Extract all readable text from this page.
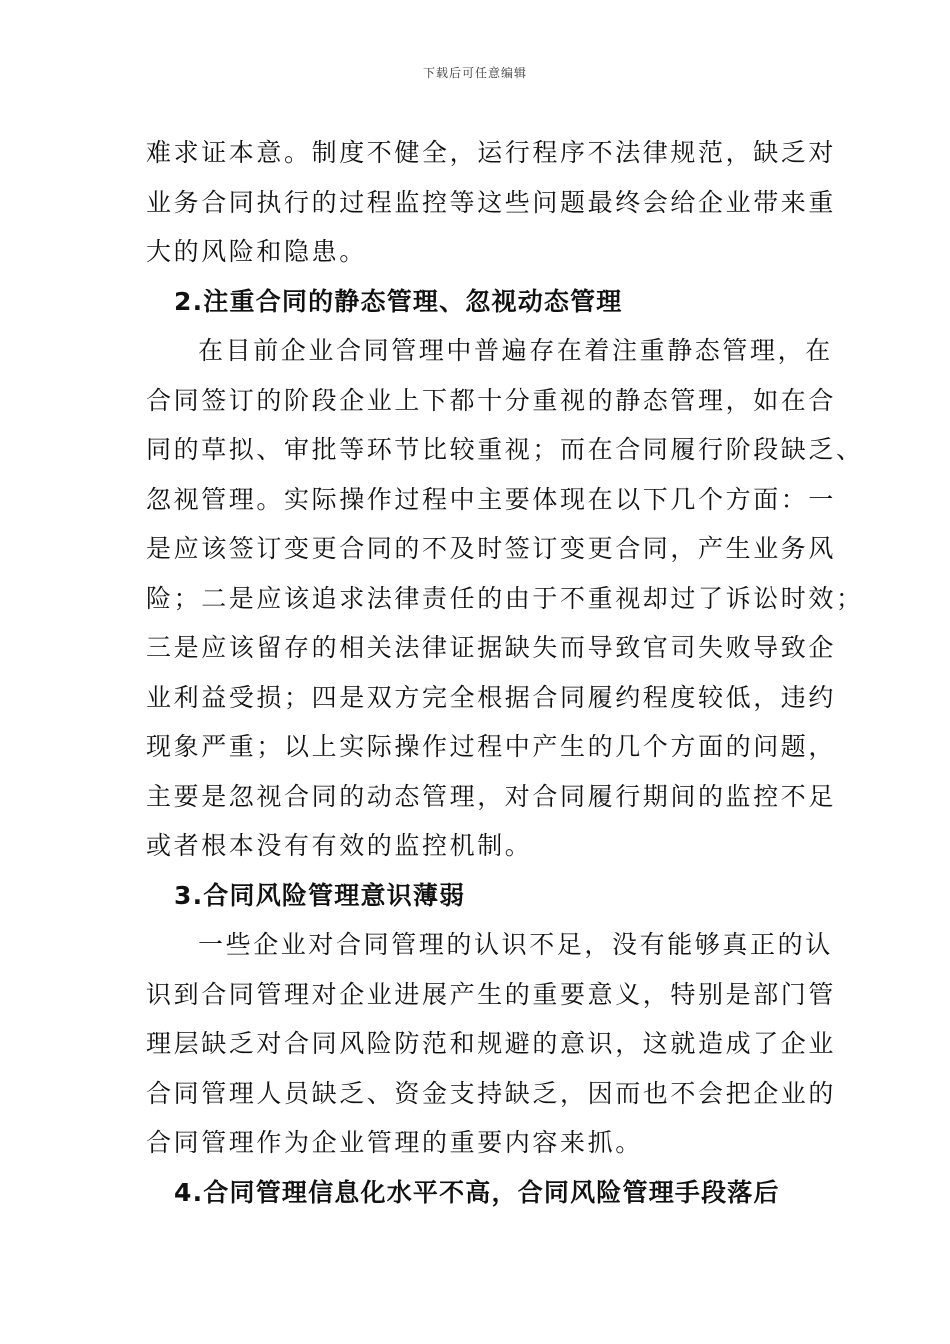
下载后可任意编辑
难求证本意。制度不健全，运行程序不法律规范，缺乏对
业务合同执行的过程监控等这些问题最终会给企业带来重
大的风险和隐患。
2.注重合同的静态管理、忽视动态管理
在目前企业合同管理中普遍存在着注重静态管理，在
合同签订的阶段企业上下都十分重视的静态管理，如在合
同的草拟、审批等环节比较重视；而在合同履行阶段缺乏、
忽视管理。实际操作过程中主要体现在以下几个方面：一
是应该签订变更合同的不及时签订变更合同，产生业务风
险；二是应该追求法律责任的由于不重视却过了诉讼时效；
三是应该留存的相关法律证据缺失而导致官司失败导致企
业利益受损；四是双方完全根据合同履约程度较低，违约
现象严重；以上实际操作过程中产生的几个方面的问题，
主要是忽视合同的动态管理，对合同履行期间的监控不足
或者根本没有有效的监控机制。
3.合同风险管理意识薄弱
一些企业对合同管理的认识不足，没有能够真正的认
识到合同管理对企业进展产生的重要意义，特别是部门管
理层缺乏对合同风险防范和规避的意识，这就造成了企业
合同管理人员缺乏、资金支持缺乏，因而也不会把企业的
合同管理作为企业管理的重要内容来抓。
4.合同管理信息化水平不高，合同风险管理手段落后
